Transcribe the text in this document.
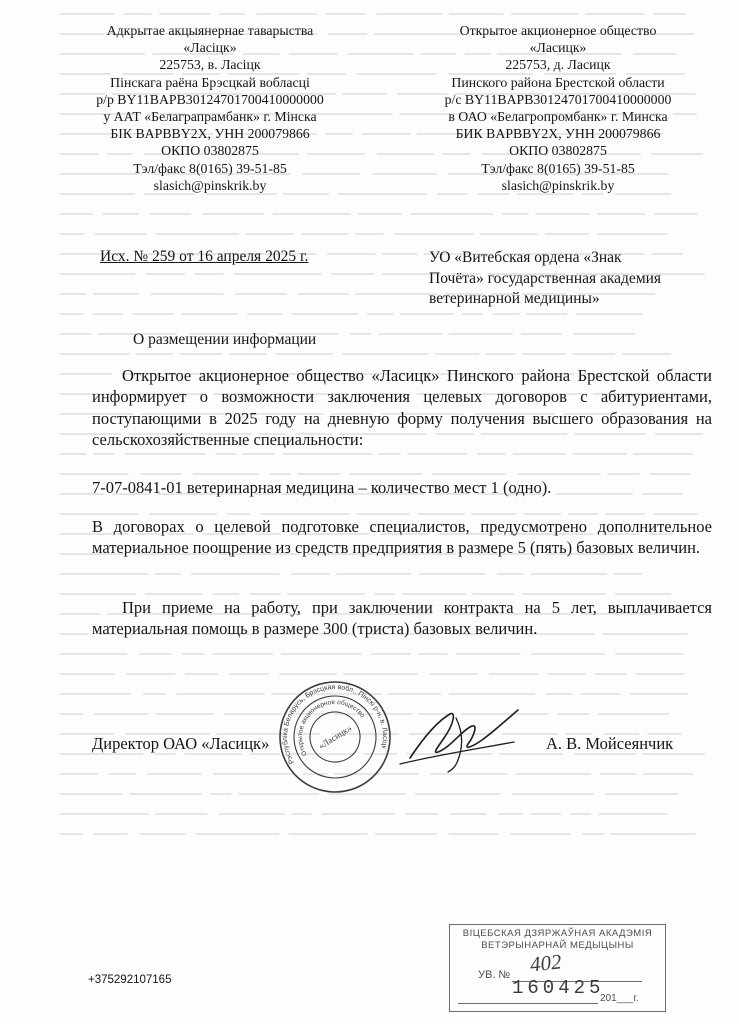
Адкрытае акцыянернае таварыства
«Ласіцк»
225753, в. Ласіцк
Пінскага раёна Брэсцкай вобласці
р/р BY11BAPB30124701700410000000
у ААТ «Белаграпрамбанк» г. Мінска
БІК BAPBBY2X, УНН 200079866
ОКПО 03802875
Тэл/факс 8(0165) 39-51-85
slasich@pinskrik.by
Открытое акционерное общество
«Ласицк»
225753, д. Ласицк
Пинского района Брестской области
р/с BY11BAPB30124701700410000000
в ОАО «Белагропромбанк» г. Минска
БИК BAPBBY2X, УНН 200079866
ОКПО 03802875
Тэл/факс 8(0165) 39-51-85
slasich@pinskrik.by
Исх. № 259 от 16 апреля 2025 г.	УО «Витебская ордена «Знак
Почёта» государственная академия
ветеринарной медицины»
О размещении информации
Открытое акционерное общество «Ласицк» Пинского района Брестской области информирует о возможности заключения целевых договоров с абитуриентами, поступающими в 2025 году на дневную форму получения высшего образования на сельскохозяйственные специальности:
7-07-0841-01 ветеринарная медицина – количество мест 1 (одно).
В договорах о целевой подготовке специалистов, предусмотрено дополнительное материальное поощрение из средств предприятия в размере 5 (пять) базовых величин.
При приеме на работу, при заключении контракта на 5 лет, выплачивается материальная помощь в размере 300 (триста) базовых величин.
Директор ОАО «Ласицк»	А. В. Мойсеянчик
Рэспубліка Беларусь, Брэсцкая вобл., Пінскі р-н, в. Ласіцк
Открытое акционерное общество
«Ласицк»
+375292107165
ВІЦЕБСКАЯ ДЗЯРЖАЎНАЯ АКАДЭМІЯ
ВЕТЭРЫНАРНАЙ МЕДЫЦЫНЫ
402
УВ. №
160425
201___г.
